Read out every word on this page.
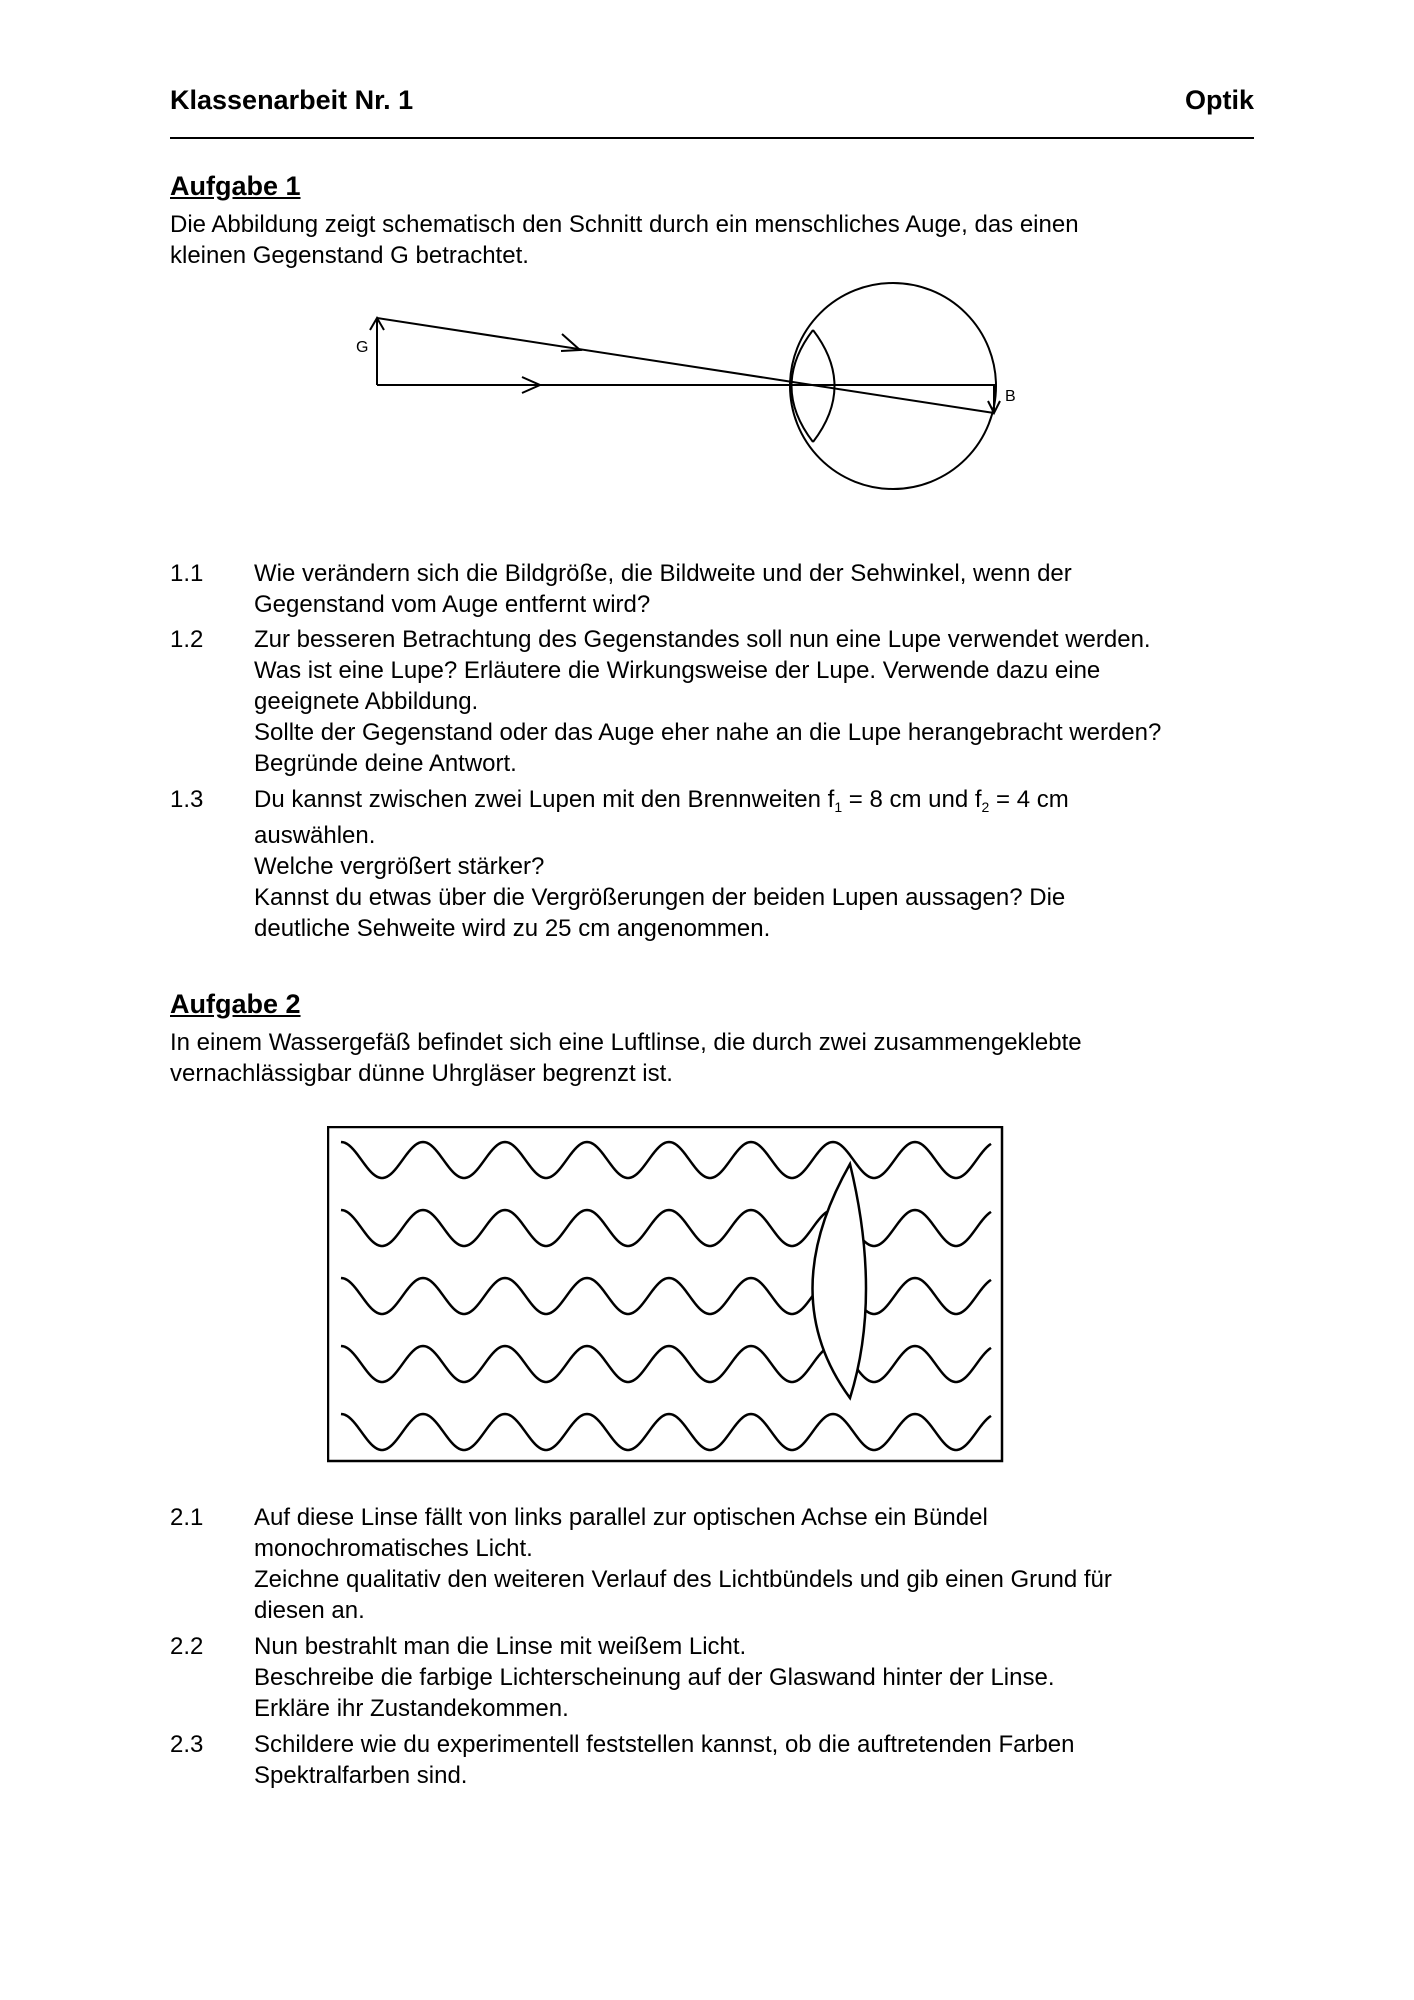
Klassenarbeit Nr. 1	Optik
Aufgabe 1
Die Abbildung zeigt schematisch den Schnitt durch ein menschliches Auge, das einen
kleinen Gegenstand G betrachtet.
G
B
1.1 Wie verändern sich die Bildgröße, die Bildweite und der Sehwinkel, wenn der
Gegenstand vom Auge entfernt wird?
1.2 Zur besseren Betrachtung des Gegenstandes soll nun eine Lupe verwendet werden.
Was ist eine Lupe? Erläutere die Wirkungsweise der Lupe. Verwende dazu eine
geeignete Abbildung.
Sollte der Gegenstand oder das Auge eher nahe an die Lupe herangebracht werden?
Begründe deine Antwort.
1.3 Du kannst zwischen zwei Lupen mit den Brennweiten $f_1 = 8$ cm und $f_2 = 4$ cm
auswählen.
Welche vergrößert stärker?
Kannst du etwas über die Vergrößerungen der beiden Lupen aussagen? Die
deutliche Sehweite wird zu 25 cm angenommen.
Aufgabe 2
In einem Wassergefäß befindet sich eine Luftlinse, die durch zwei zusammengeklebte
vernachlässigbar dünne Uhrgläser begrenzt ist.
2.1 Auf diese Linse fällt von links parallel zur optischen Achse ein Bündel
monochromatisches Licht.
Zeichne qualitativ den weiteren Verlauf des Lichtbündels und gib einen Grund für
diesen an.
2.2 Nun bestrahlt man die Linse mit weißem Licht.
Beschreibe die farbige Lichterscheinung auf der Glaswand hinter der Linse.
Erkläre ihr Zustandekommen.
2.3 Schildere wie du experimentell feststellen kannst, ob die auftretenden Farben
Spektralfarben sind.
